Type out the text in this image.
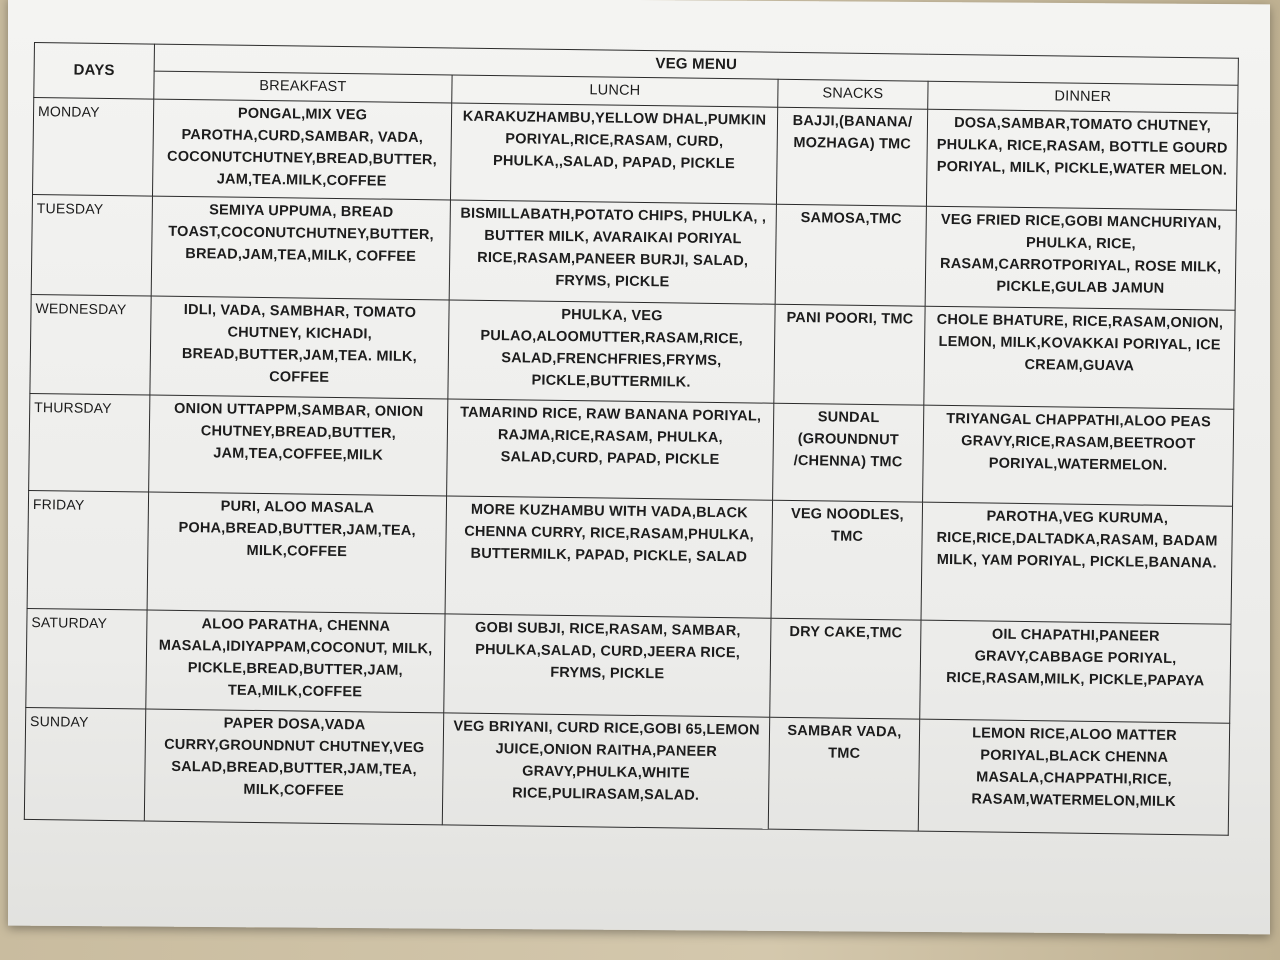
DAYS	VEG MENU			
	BREAKFAST	LUNCH	SNACKS	DINNER
MONDAY	PONGAL,MIX VEG PAROTHA,CURD,SAMBAR, VADA, COCONUTCHUTNEY,BREAD,BUTTER, JAM,TEA.MILK,COFFEE	KARAKUZHAMBU,YELLOW DHAL,PUMKIN PORIYAL,RICE,RASAM, CURD, PHULKA,,SALAD, PAPAD, PICKLE	BAJJI,(BANANA/ MOZHAGA) TMC	DOSA,SAMBAR,TOMATO CHUTNEY, PHULKA, RICE,RASAM, BOTTLE GOURD PORIYAL, MILK, PICKLE,WATER MELON.
TUESDAY	SEMIYA UPPUMA, BREAD TOAST,COCONUTCHUTNEY,BUTTER, BREAD,JAM,TEA,MILK, COFFEE	BISMILLABATH,POTATO CHIPS, PHULKA, , BUTTER MILK, AVARAIKAI PORIYAL RICE,RASAM,PANEER BURJI, SALAD, FRYMS, PICKLE	SAMOSA,TMC	VEG FRIED RICE,GOBI MANCHURIYAN, PHULKA, RICE, RASAM,CARROTPORIYAL, ROSE MILK, PICKLE,GULAB JAMUN
WEDNESDAY	IDLI, VADA, SAMBHAR, TOMATO CHUTNEY, KICHADI, BREAD,BUTTER,JAM,TEA. MILK, COFFEE	PHULKA, VEG PULAO,ALOOMUTTER,RASAM,RICE, SALAD,FRENCHFRIES,FRYMS, PICKLE,BUTTERMILK.	PANI POORI, TMC	CHOLE BHATURE, RICE,RASAM,ONION, LEMON, MILK,KOVAKKAI PORIYAL, ICE CREAM,GUAVA
THURSDAY	ONION UTTAPPM,SAMBAR, ONION CHUTNEY,BREAD,BUTTER, JAM,TEA,COFFEE,MILK	TAMARIND RICE, RAW BANANA PORIYAL, RAJMA,RICE,RASAM, PHULKA, SALAD,CURD, PAPAD, PICKLE	SUNDAL (GROUNDNUT /CHENNA) TMC	TRIYANGAL CHAPPATHI,ALOO PEAS GRAVY,RICE,RASAM,BEETROOT PORIYAL,WATERMELON.
FRIDAY	PURI, ALOO MASALA POHA,BREAD,BUTTER,JAM,TEA, MILK,COFFEE	MORE KUZHAMBU WITH VADA,BLACK CHENNA CURRY, RICE,RASAM,PHULKA, BUTTERMILK, PAPAD, PICKLE, SALAD	VEG NOODLES, TMC	PAROTHA,VEG KURUMA, RICE,RICE,DALTADKA,RASAM, BADAM MILK, YAM PORIYAL, PICKLE,BANANA.
SATURDAY	ALOO PARATHA, CHENNA MASALA,IDIYAPPAM,COCONUT, MILK, PICKLE,BREAD,BUTTER,JAM, TEA,MILK,COFFEE	GOBI SUBJI, RICE,RASAM, SAMBAR, PHULKA,SALAD, CURD,JEERA RICE, FRYMS, PICKLE	DRY CAKE,TMC	OIL CHAPATHI,PANEER GRAVY,CABBAGE PORIYAL, RICE,RASAM,MILK, PICKLE,PAPAYA
SUNDAY	PAPER DOSA,VADA CURRY,GROUNDNUT CHUTNEY,VEG SALAD,BREAD,BUTTER,JAM,TEA, MILK,COFFEE	VEG BRIYANI, CURD RICE,GOBI 65,LEMON JUICE,ONION RAITHA,PANEER GRAVY,PHULKA,WHITE RICE,PULIRASAM,SALAD.	SAMBAR VADA, TMC	LEMON RICE,ALOO MATTER PORIYAL,BLACK CHENNA MASALA,CHAPPATHI,RICE, RASAM,WATERMELON,MILK
